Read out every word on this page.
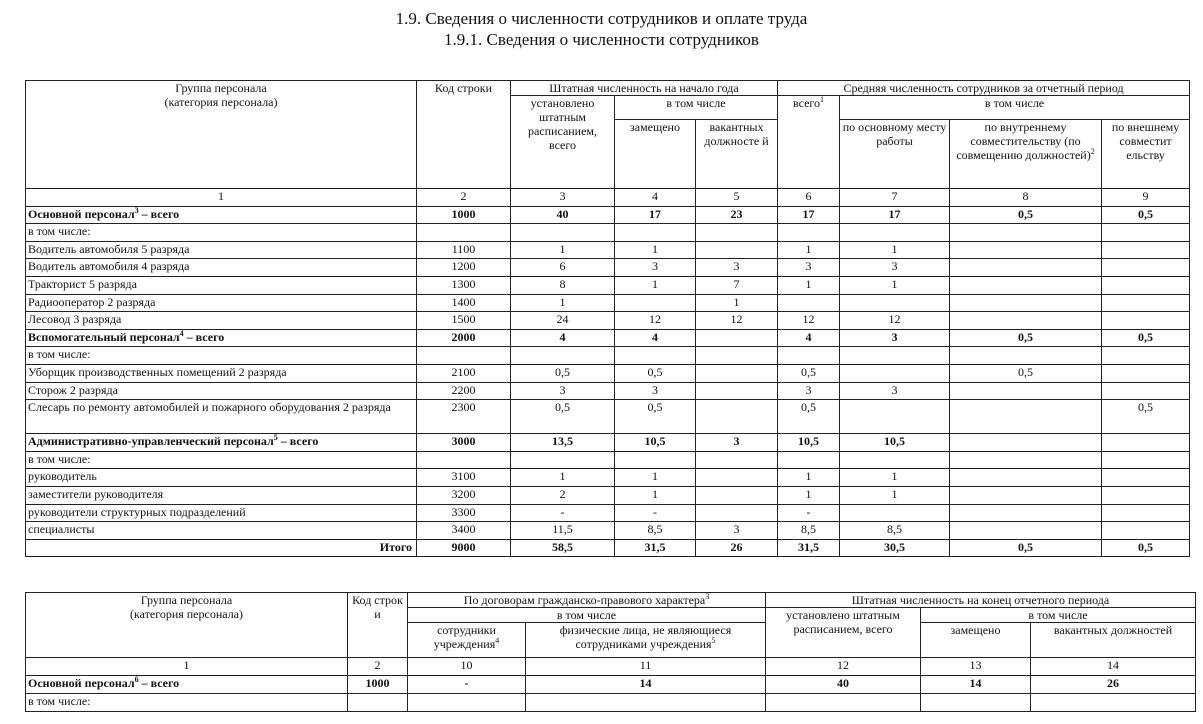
1.9. Сведения о численности сотрудников и оплате труда
1.9.1. Сведения о численности сотрудников
Группа персонала
(категория персонала)	Код строки	Штатная численность на начало года			Средняя численность сотрудников за отчетный период			
		установлено штатным расписанием, всего	в том числе		всего$^1$	в том числе		
			замещено	вакантных должносте й		по основному месту работы	по внутреннему совместительству (по совмещению должностей)$^2$	по внешнему совместит ельству
1	2	3	4	5	6	7	8	9
Основной персонал$^3$ – всего	1000	40	17	23	17	17	0,5	0,5
в том числе:								
Водитель автомобиля 5 разряда	1100	1	1		1	1		
Водитель автомобиля 4 разряда	1200	6	3	3	3	3		
Тракторист 5 разряда	1300	8	1	7	1	1		
Радиооператор 2 разряда	1400	1		1				
Лесовод 3 разряда	1500	24	12	12	12	12		
Вспомогательный персонал$^4$ – всего	2000	4	4		4	3	0,5	0,5
в том числе:								
Уборщик производственных помещений 2 разряда	2100	0,5	0,5		0,5		0,5	
Сторож 2 разряда	2200	3	3		3	3		
Слесарь по ремонту автомобилей и пожарного оборудования 2 разряда	2300	0,5	0,5		0,5			0,5
Административно-управленческий персонал$^5$ – всего	3000	13,5	10,5	3	10,5	10,5		
в том числе:								
руководитель	3100	1	1		1	1		
заместители руководителя	3200	2	1		1	1		
руководители структурных подразделений	3300	-	-		-			
специалисты	3400	11,5	8,5	3	8,5	8,5		
Итого	9000	58,5	31,5	26	31,5	30,5	0,5	0,5
Группа персонала
(категория персонала)	Код строк и	По договорам гражданско-правового характера$^3$		Штатная численность на конец отчетного периода		
		в том числе		установлено штатным расписанием, всего	в том числе	
		сотрудники учреждения$^4$	физические лица, не являющиеся сотрудниками учреждения$^5$		замещено	вакантных должностей
1	2	10	11	12	13	14
Основной персонал$^6$ – всего	1000	-	14	40	14	26
в том числе:						
